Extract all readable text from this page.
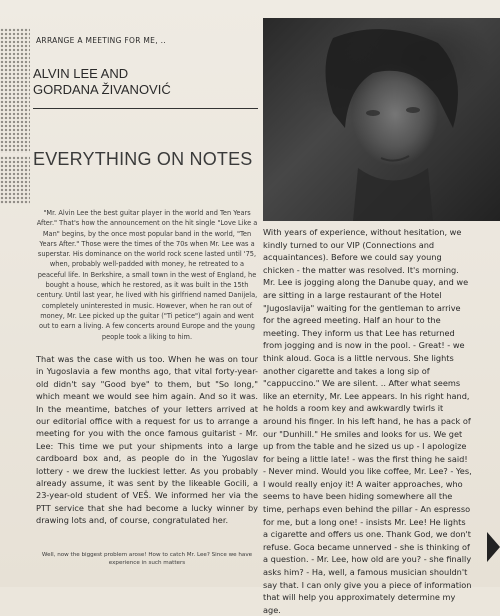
ARRANGE A MEETING FOR ME, ..
ALVIN LEE AND
GORDANA ŽIVANOVIĆ
EVERYTHING ON NOTES
"Mr. Alvin Lee the best guitar player in the world and Ten Years After." That's how the announcement on the hit single "Love Like a Man" begins, by the once most popular band in the world, "Ten Years After." Those were the times of the 70s when Mr. Lee was a superstar. His dominance on the world rock scene lasted until '75, when, probably well-padded with money, he retreated to a peaceful life. In Berkshire, a small town in the west of England, he bought a house, which he restored, as it was built in the 15th century. Until last year, he lived with his girlfriend named Danijela, completely uninterested in music. However, when he ran out of money, Mr. Lee picked up the guitar ("Ti petice") again and went out to earn a living. A few concerts around Europe and the young people took a liking to him.
That was the case with us too. When he was on tour in Yugoslavia a few months ago, that vital forty-year-old didn't say "Good bye" to them, but "So long," which meant we would see him again. And so it was. In the meantime, batches of your letters arrived at our editorial office with a request for us to arrange a meeting for you with the once famous guitarist - Mr. Lee: This time we put your shipments into a large cardboard box and, as people do in the Yugoslav lottery - we drew the luckiest letter. As you probably already assume, it was sent by the likeable Gocili, a 23-year-old student of VEŠ. We informed her via the PTT service that she had become a lucky winner by drawing lots and, of course, congratulated her.
Well, now the biggest problem arose! How to catch Mr. Lee? Since we have experience in such matters
With years of experience, without hesitation, we kindly turned to our VIP (Connections and acquaintances). Before we could say young chicken - the matter was resolved. It's morning. Mr. Lee is jogging along the Danube quay, and we are sitting in a large restaurant of the Hotel "Jugoslavija" waiting for the gentleman to arrive for the agreed meeting. Half an hour to the meeting. They inform us that Lee has returned from jogging and is now in the pool. - Great! - we think aloud. Goca is a little nervous. She lights another cigarette and takes a long sip of "cappuccino." We are silent. .. After what seems like an eternity, Mr. Lee appears. In his right hand, he holds a room key and awkwardly twirls it around his finger. In his left hand, he has a pack of our "Dunhill." He smiles and looks for us. We get up from the table and he sized us up - I apologize for being a little late! - was the first thing he said! - Never mind. Would you like coffee, Mr. Lee? - Yes, I would really enjoy it! A waiter approaches, who seems to have been hiding somewhere all the time, perhaps even behind the pillar - An espresso for me, but a long one! - insists Mr. Lee! He lights a cigarette and offers us one. Thank God, we don't refuse. Goca became unnerved - she is thinking of a question. - Mr. Lee, how old are you? - she finally asks him? - Ha, well, a famous musician shouldn't say that. I can only give you a piece of information that will help you approximately determine my age.
